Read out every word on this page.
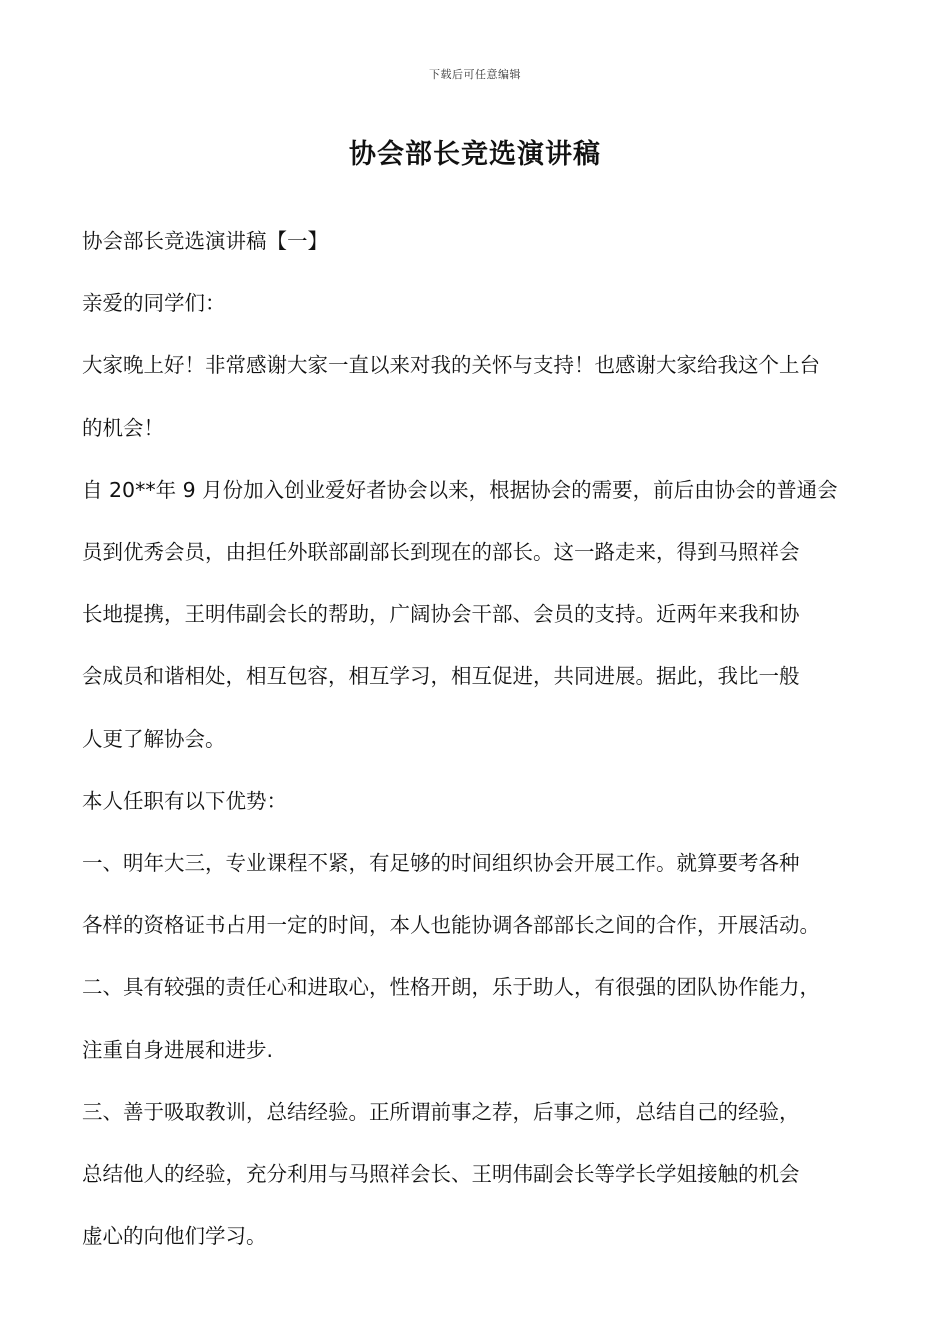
下载后可任意编辑
协会部长竞选演讲稿

协会部长竞选演讲稿【一】

亲爱的同学们：

大家晚上好！非常感谢大家一直以来对我的关怀与支持！也感谢大家给我这个上台

的机会！

自 20**年 9 月份加入创业爱好者协会以来，根据协会的需要，前后由协会的普通会

员到优秀会员，由担任外联部副部长到现在的部长。这一路走来，得到马照祥会

长地提携，王明伟副会长的帮助，广阔协会干部、会员的支持。近两年来我和协

会成员和谐相处，相互包容，相互学习，相互促进，共同进展。据此，我比一般

人更了解协会。

本人任职有以下优势：

一、明年大三，专业课程不紧，有足够的时间组织协会开展工作。就算要考各种

各样的资格证书占用一定的时间，本人也能协调各部部长之间的合作，开展活动。

二、具有较强的责任心和进取心，性格开朗，乐于助人，有很强的团队协作能力，

注重自身进展和进步.

三、善于吸取教训，总结经验。正所谓前事之荐，后事之师，总结自己的经验，

总结他人的经验，充分利用与马照祥会长、王明伟副会长等学长学姐接触的机会

虚心的向他们学习。
